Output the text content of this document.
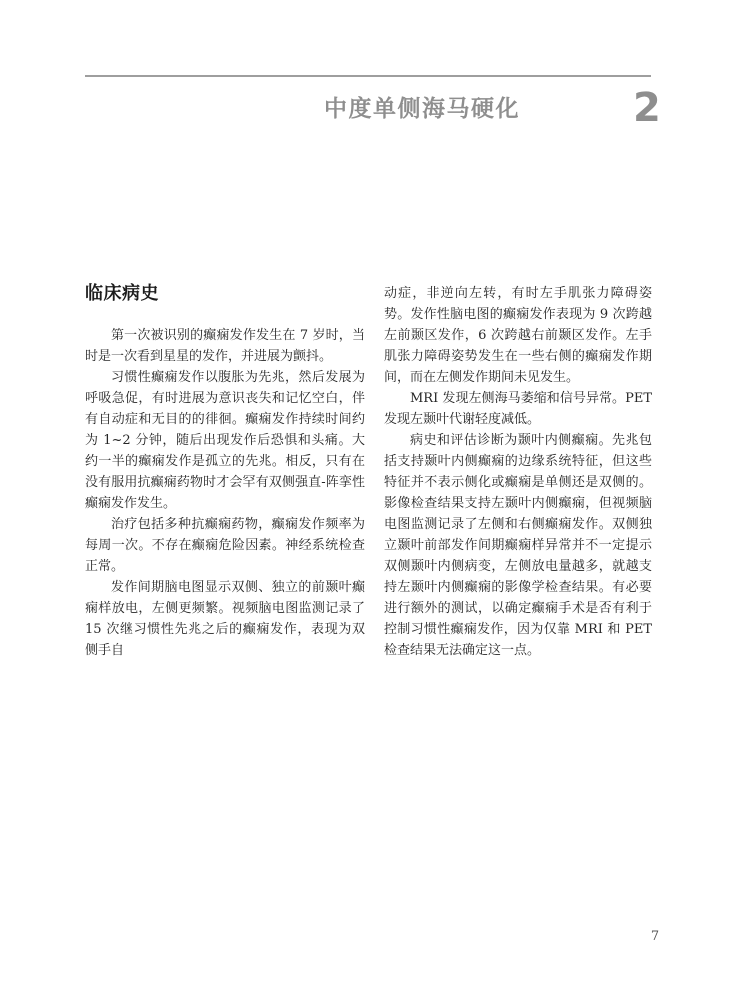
中度单侧海马硬化	2
临床病史

第一次被识别的癫痫发作发生在 7 岁时，当时是一次看到星星的发作，并进展为颤抖。

习惯性癫痫发作以腹胀为先兆，然后发展为呼吸急促，有时进展为意识丧失和记忆空白，伴有自动症和无目的的徘徊。癫痫发作持续时间约为 1~2 分钟，随后出现发作后恐惧和头痛。大约一半的癫痫发作是孤立的先兆。相反，只有在没有服用抗癫痫药物时才会罕有双侧强直-阵挛性癫痫发作发生。

治疗包括多种抗癫痫药物，癫痫发作频率为每周一次。不存在癫痫危险因素。神经系统检查正常。

发作间期脑电图显示双侧、独立的前颞叶癫痫样放电，左侧更频繁。视频脑电图监测记录了 15 次继习惯性先兆之后的癫痫发作，表现为双侧手自

动症，非逆向左转，有时左手肌张力障碍姿势。发作性脑电图的癫痫发作表现为 9 次跨越左前颞区发作，6 次跨越右前颞区发作。左手肌张力障碍姿势发生在一些右侧的癫痫发作期间，而在左侧发作期间未见发生。

MRI 发现左侧海马萎缩和信号异常。PET 发现左颞叶代谢轻度减低。

病史和评估诊断为颞叶内侧癫痫。先兆包括支持颞叶内侧癫痫的边缘系统特征，但这些特征并不表示侧化或癫痫是单侧还是双侧的。影像检查结果支持左颞叶内侧癫痫，但视频脑电图监测记录了左侧和右侧癫痫发作。双侧独立颞叶前部发作间期癫痫样异常并不一定提示双侧颞叶内侧病变，左侧放电量越多，就越支持左颞叶内侧癫痫的影像学检查结果。有必要进行额外的测试，以确定癫痫手术是否有利于控制习惯性癫痫发作，因为仅靠 MRI 和 PET 检查结果无法确定这一点。

7
